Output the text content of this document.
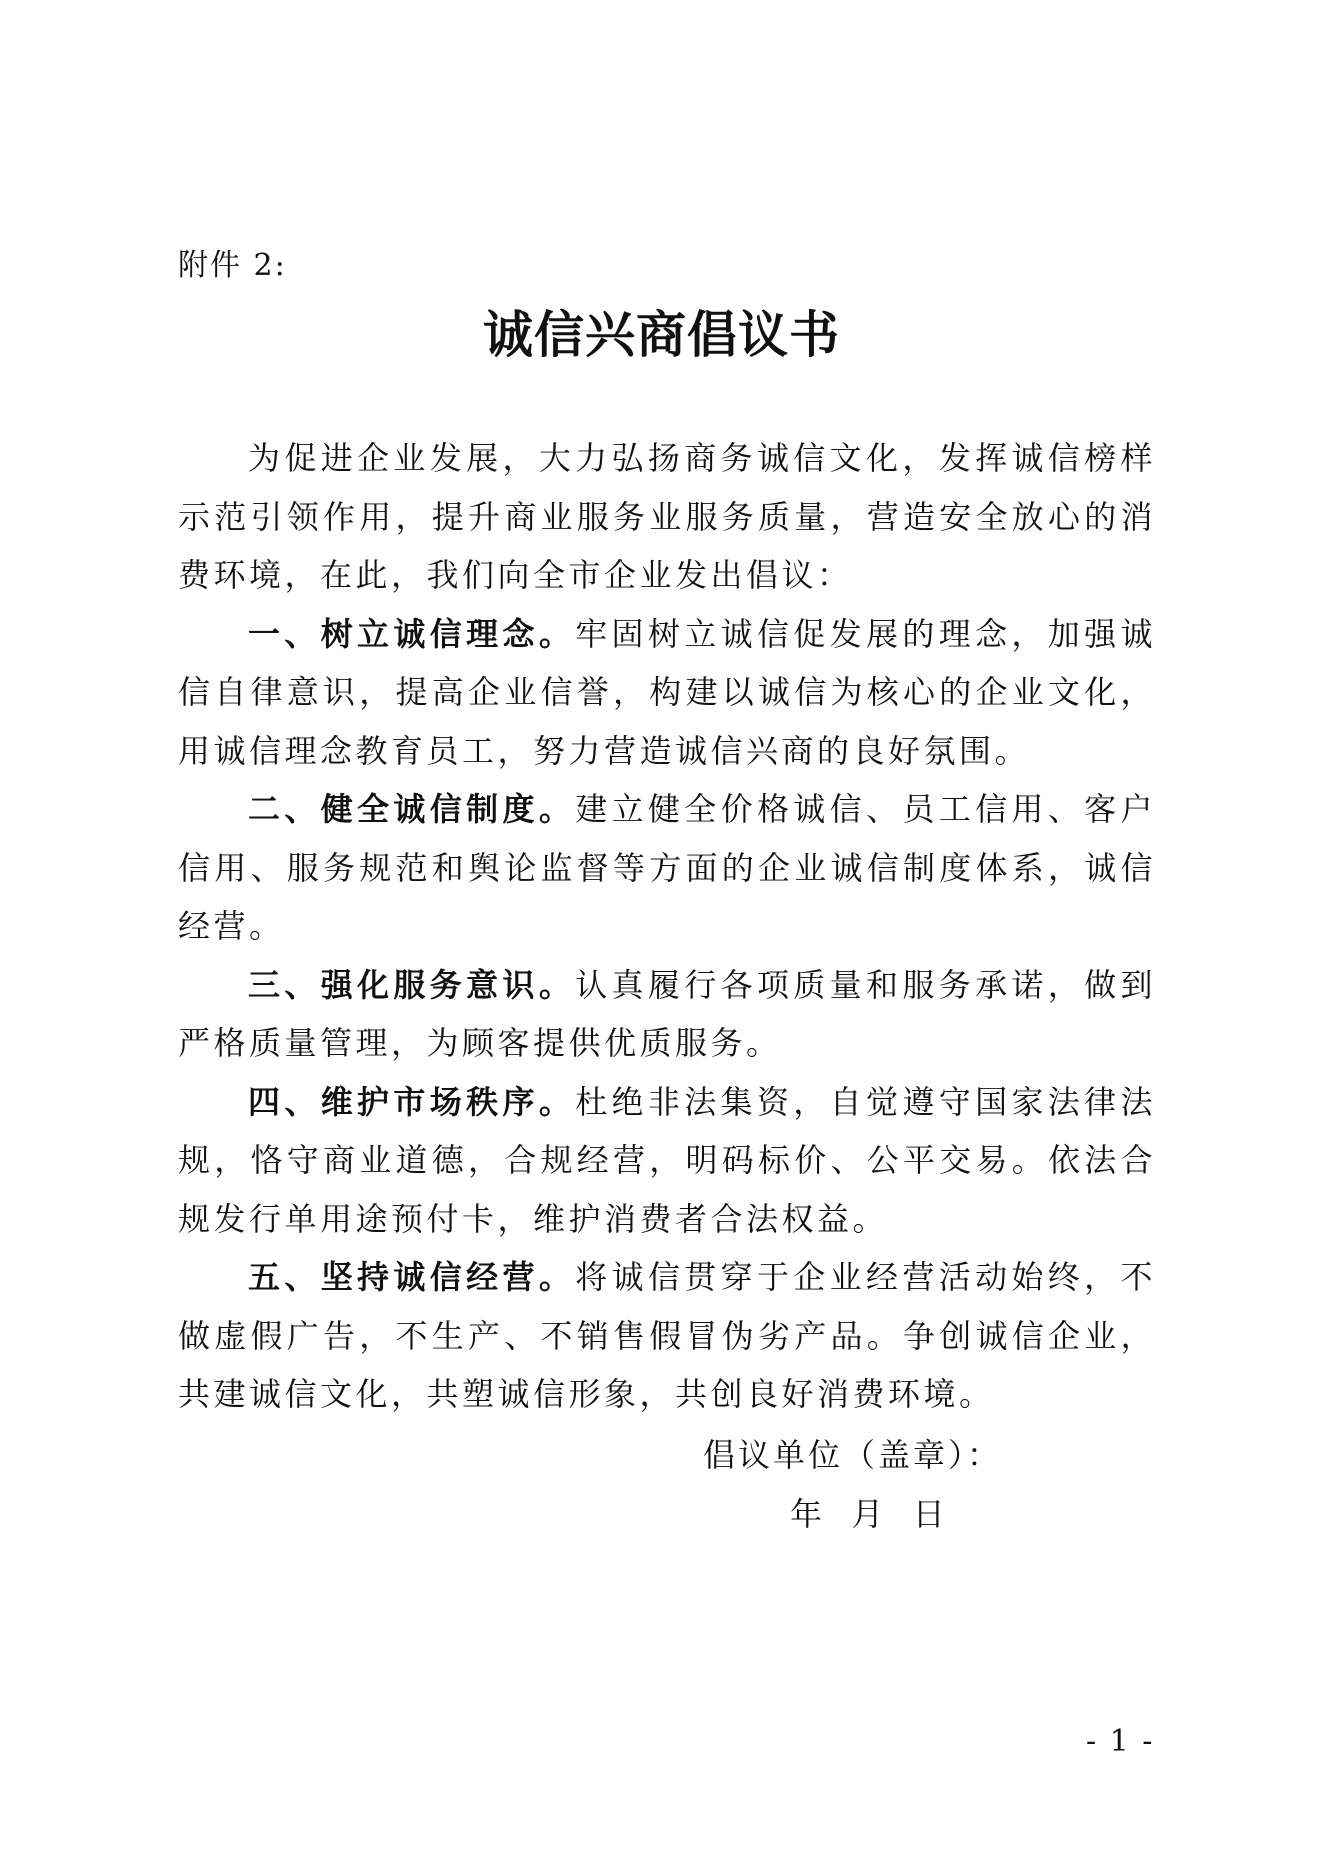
附件 2:
诚信兴商倡议书

为促进企业发展，大力弘扬商务诚信文化，发挥诚信榜样示范引领作用，提升商业服务业服务质量，营造安全放心的消费环境，在此，我们向全市企业发出倡议：

一、树立诚信理念。牢固树立诚信促发展的理念，加强诚信自律意识，提高企业信誉，构建以诚信为核心的企业文化，用诚信理念教育员工，努力营造诚信兴商的良好氛围。

二、健全诚信制度。建立健全价格诚信、员工信用、客户信用、服务规范和舆论监督等方面的企业诚信制度体系，诚信经营。

三、强化服务意识。认真履行各项质量和服务承诺，做到严格质量管理，为顾客提供优质服务。

四、维护市场秩序。杜绝非法集资，自觉遵守国家法律法规，恪守商业道德，合规经营，明码标价、公平交易。依法合规发行单用途预付卡，维护消费者合法权益。

五、坚持诚信经营。将诚信贯穿于企业经营活动始终，不做虚假广告，不生产、不销售假冒伪劣产品。争创诚信企业，共建诚信文化，共塑诚信形象，共创良好消费环境。

倡议单位（盖章）：
年  月  日
- 1 -
